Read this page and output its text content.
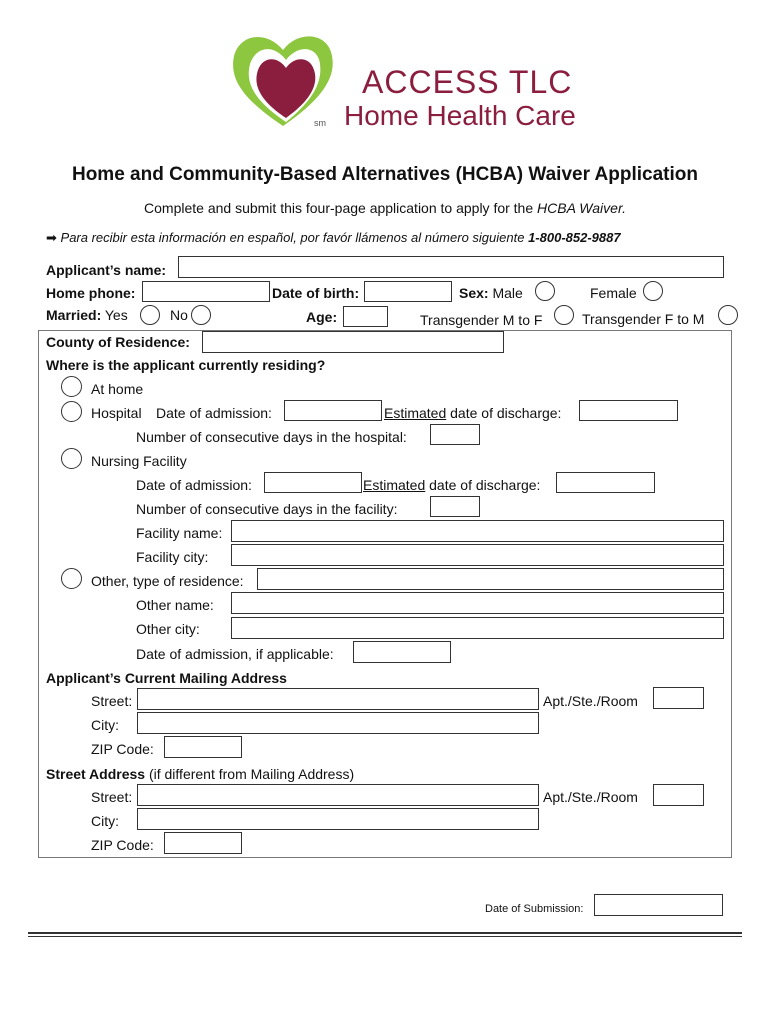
sm
ACCESS TLC
Home Health Care
Home and Community-Based Alternatives (HCBA) Waiver Application
Complete and submit this four-page application to apply for the HCBA Waiver.
➡ Para recibir esta información en español, por favór llámenos al número siguiente 1-800-852-9887
Applicant’s name:
Home phone:	Date of birth:	Sex: Male	Female
Married: Yes	No	Age:	Transgender M to F	Transgender F to M
County of Residence:
Where is the applicant currently residing?
At home
Hospital Date of admission:	Estimated date of discharge:
Number of consecutive days in the hospital:
Nursing Facility
Date of admission:	Estimated date of discharge:
Number of consecutive days in the facility:
Facility name:
Facility city:
Other, type of residence:
Other name:
Other city:
Date of admission, if applicable:
Applicant’s Current Mailing Address
Street:	Apt./Ste./Room
City:
ZIP Code:
Street Address (if different from Mailing Address)
Street:	Apt./Ste./Room
City:
ZIP Code:
Date of Submission:
